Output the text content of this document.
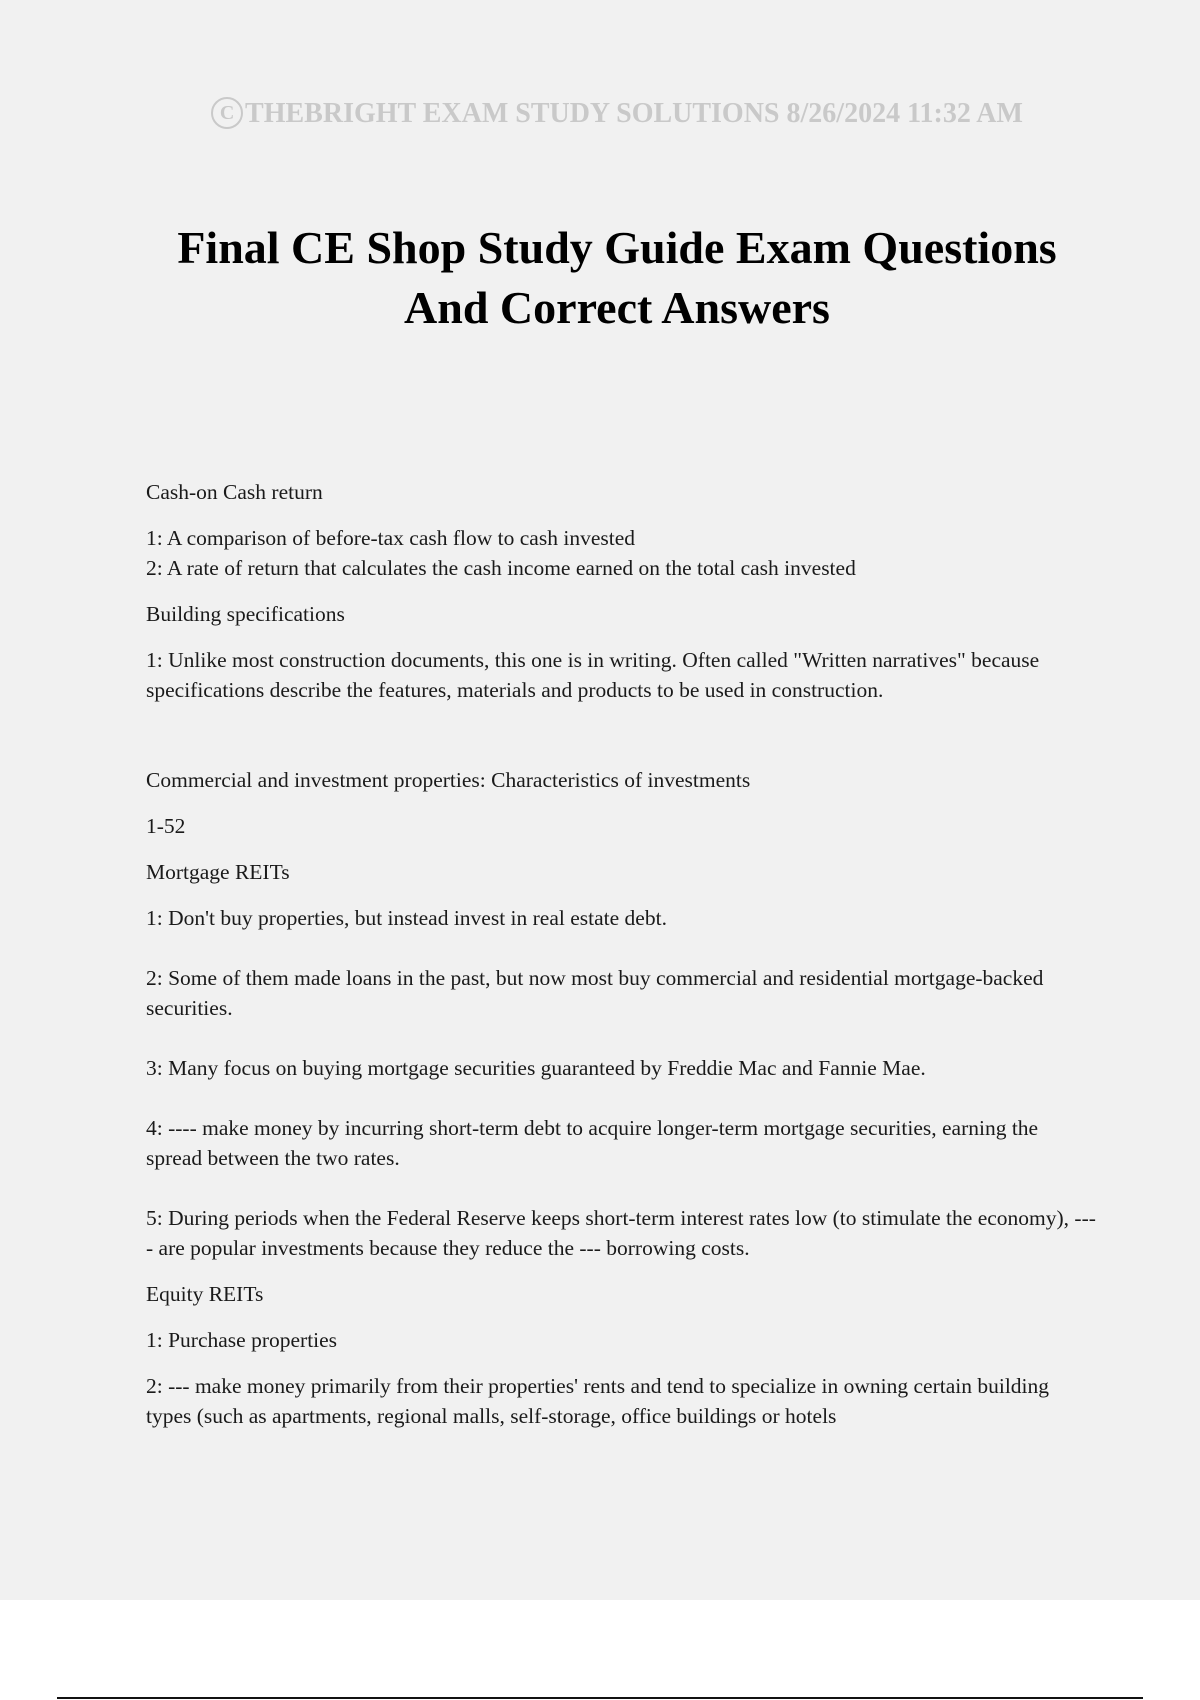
C THEBRIGHT EXAM STUDY SOLUTIONS 8/26/2024 11:32 AM
Final CE Shop Study Guide Exam Questions
And Correct Answers
Cash-on Cash return

1: A comparison of before-tax cash flow to cash invested

2: A rate of return that calculates the cash income earned on the total cash invested

Building specifications

1: Unlike most construction documents, this one is in writing. Often called "Written narratives" because specifications describe the features, materials and products to be used in construction.

Commercial and investment properties: Characteristics of investments

1-52

Mortgage REITs

1: Don't buy properties, but instead invest in real estate debt.

2: Some of them made loans in the past, but now most buy commercial and residential mortgage-backed securities.

3: Many focus on buying mortgage securities guaranteed by Freddie Mac and Fannie Mae.

4: ---- make money by incurring short-term debt to acquire longer-term mortgage securities, earning the spread between the two rates.

5: During periods when the Federal Reserve keeps short-term interest rates low (to stimulate the economy), ---- are popular investments because they reduce the --- borrowing costs.

Equity REITs

1: Purchase properties

2: --- make money primarily from their properties' rents and tend to specialize in owning certain building types (such as apartments, regional malls, self-storage, office buildings or hotels
